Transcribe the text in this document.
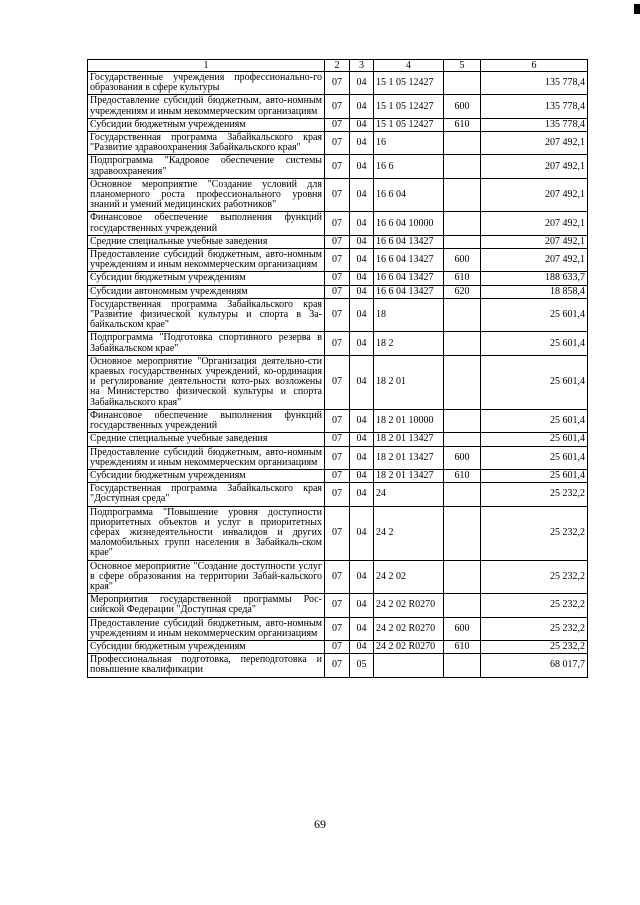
1	2	3	4	5	6
Государственные учреждения профессионально-го образования в сфере культуры	07	04	15 1 05 12427		135 778,4
Предоставление субсидий бюджетным, авто-номным учреждениям и иным некоммерческим организациям	07	04	15 1 05 12427	600	135 778,4
Субсидии бюджетным учреждениям	07	04	15 1 05 12427	610	135 778,4
Государственная программа Забайкальского края "Развитие здравоохранения Забайкальского края"	07	04	16		207 492,1
Подпрограмма "Кадровое обеспечение системы здравоохранения"	07	04	16 6		207 492,1
Основное мероприятие "Создание условий для планомерного роста профессионального уровня знаний и умений медицинских работников"	07	04	16 6 04		207 492,1
Финансовое обеспечение выполнения функций государственных учреждений	07	04	16 6 04 10000		207 492,1
Средние специальные учебные заведения	07	04	16 6 04 13427		207 492,1
Предоставление субсидий бюджетным, авто-номным учреждениям и иным некоммерческим организациям	07	04	16 6 04 13427	600	207 492,1
Субсидии бюджетным учреждениям	07	04	16 6 04 13427	610	188 633,7
Субсидии автономным учреждениям	07	04	16 6 04 13427	620	18 858,4
Государственная программа Забайкальского края "Развитие физической культуры и спорта в За-байкальском крае"	07	04	18		25 601,4
Подпрограмма "Подготовка спортивного резерва в Забайкальском крае"	07	04	18 2		25 601,4
Основное мероприятие "Организация деятельно-сти краевых государственных учреждений, ко-ординация и регулирование деятельности кото-рых возложены на Министерство физической культуры и спорта Забайкальского края"	07	04	18 2 01		25 601,4
Финансовое обеспечение выполнения функций государственных учреждений	07	04	18 2 01 10000		25 601,4
Средние специальные учебные заведения	07	04	18 2 01 13427		25 601,4
Предоставление субсидий бюджетным, авто-номным учреждениям и иным некоммерческим организациям	07	04	18 2 01 13427	600	25 601,4
Субсидии бюджетным учреждениям	07	04	18 2 01 13427	610	25 601,4
Государственная программа Забайкальского края "Доступная среда"	07	04	24		25 232,2
Подпрограмма "Повышение уровня доступности приоритетных объектов и услуг в приоритетных сферах жизнедеятельности инвалидов и других маломобильных групп населения в Забайкаль-ском крае"	07	04	24 2		25 232,2
Основное мероприятие "Создание доступности услуг в сфере образования на территории Забай-кальского края"	07	04	24 2 02		25 232,2
Мероприятия государственной программы Рос-сийской Федерации "Доступная среда"	07	04	24 2 02 R0270		25 232,2
Предоставление субсидий бюджетным, авто-номным учреждениям и иным некоммерческим организациям	07	04	24 2 02 R0270	600	25 232,2
Субсидии бюджетным учреждениям	07	04	24 2 02 R0270	610	25 232,2
Профессиональная подготовка, переподготовка и повышение квалификации	07	05			68 017,7
69
